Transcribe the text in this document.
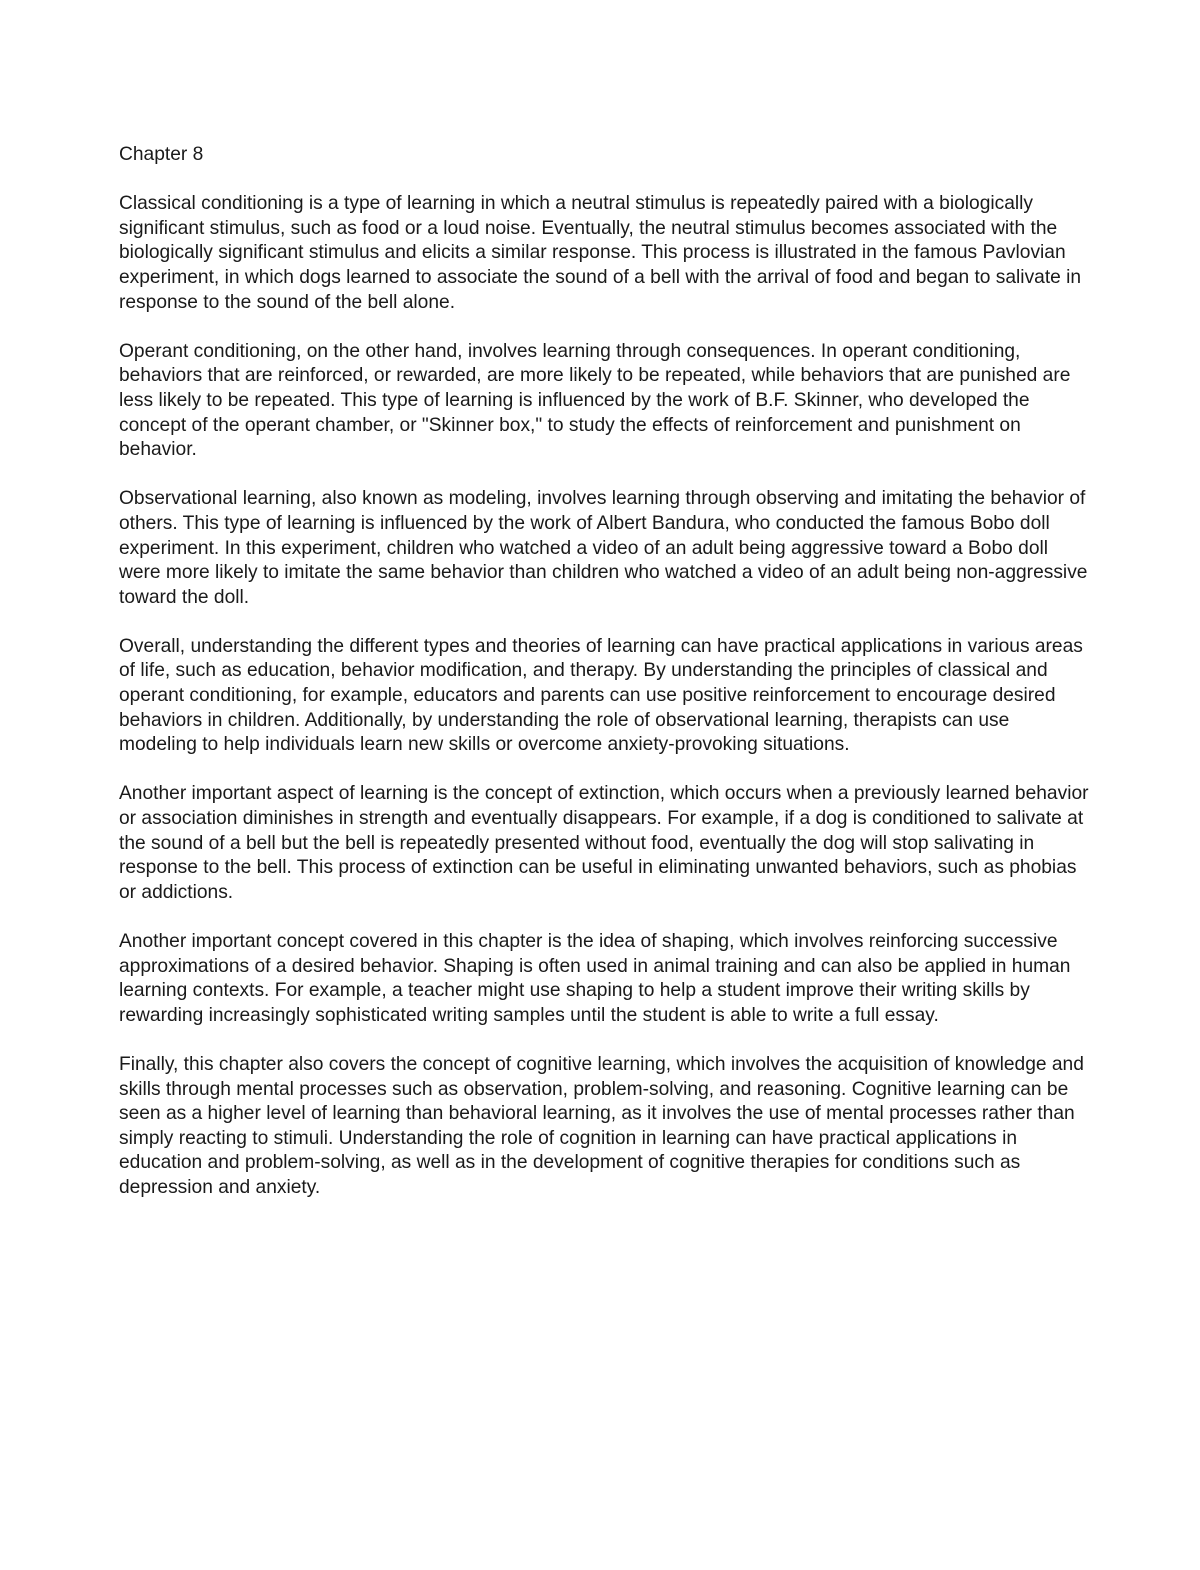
Chapter 8

Classical conditioning is a type of learning in which a neutral stimulus is repeatedly paired with a biologically significant stimulus, such as food or a loud noise. Eventually, the neutral stimulus becomes associated with the biologically significant stimulus and elicits a similar response. This process is illustrated in the famous Pavlovian experiment, in which dogs learned to associate the sound of a bell with the arrival of food and began to salivate in response to the sound of the bell alone.

Operant conditioning, on the other hand, involves learning through consequences. In operant conditioning, behaviors that are reinforced, or rewarded, are more likely to be repeated, while behaviors that are punished are less likely to be repeated. This type of learning is influenced by the work of B.F. Skinner, who developed the concept of the operant chamber, or "Skinner box," to study the effects of reinforcement and punishment on behavior.

Observational learning, also known as modeling, involves learning through observing and imitating the behavior of others. This type of learning is influenced by the work of Albert Bandura, who conducted the famous Bobo doll experiment. In this experiment, children who watched a video of an adult being aggressive toward a Bobo doll were more likely to imitate the same behavior than children who watched a video of an adult being non-aggressive toward the doll.

Overall, understanding the different types and theories of learning can have practical applications in various areas of life, such as education, behavior modification, and therapy. By understanding the principles of classical and operant conditioning, for example, educators and parents can use positive reinforcement to encourage desired behaviors in children. Additionally, by understanding the role of observational learning, therapists can use modeling to help individuals learn new skills or overcome anxiety-provoking situations.

Another important aspect of learning is the concept of extinction, which occurs when a previously learned behavior or association diminishes in strength and eventually disappears. For example, if a dog is conditioned to salivate at the sound of a bell but the bell is repeatedly presented without food, eventually the dog will stop salivating in response to the bell. This process of extinction can be useful in eliminating unwanted behaviors, such as phobias or addictions.

Another important concept covered in this chapter is the idea of shaping, which involves reinforcing successive approximations of a desired behavior. Shaping is often used in animal training and can also be applied in human learning contexts. For example, a teacher might use shaping to help a student improve their writing skills by rewarding increasingly sophisticated writing samples until the student is able to write a full essay.

Finally, this chapter also covers the concept of cognitive learning, which involves the acquisition of knowledge and skills through mental processes such as observation, problem-solving, and reasoning. Cognitive learning can be seen as a higher level of learning than behavioral learning, as it involves the use of mental processes rather than simply reacting to stimuli. Understanding the role of cognition in learning can have practical applications in education and problem-solving, as well as in the development of cognitive therapies for conditions such as depression and anxiety.
